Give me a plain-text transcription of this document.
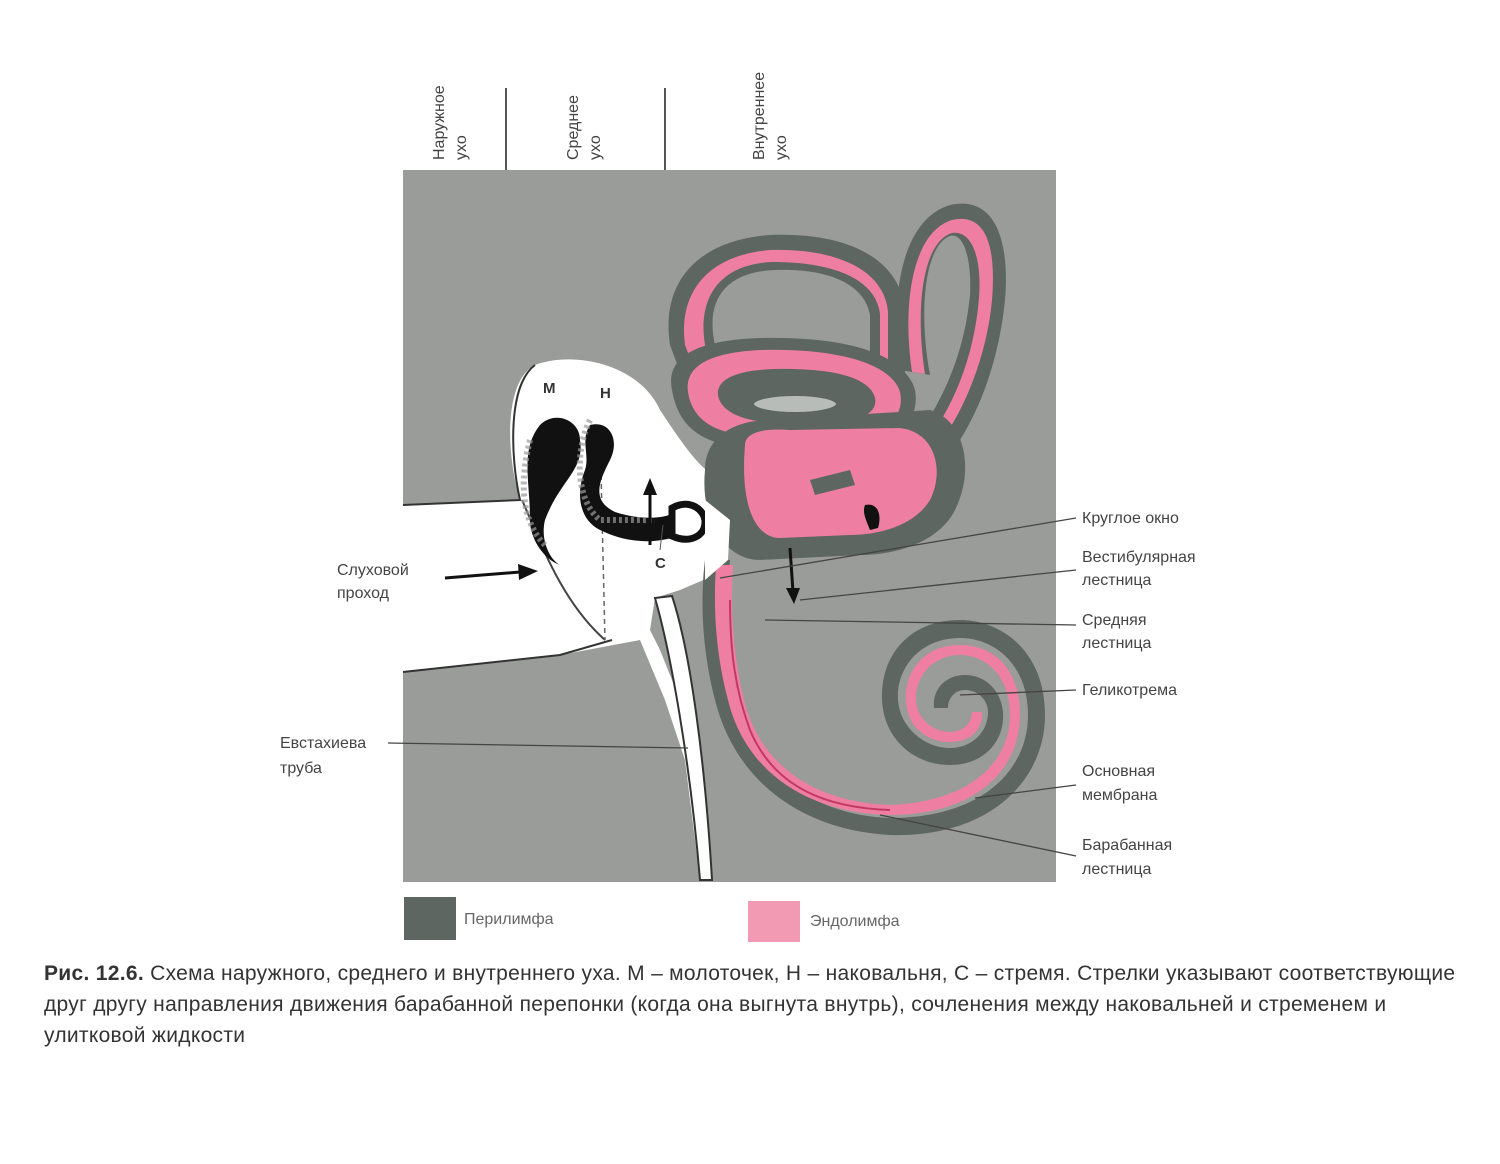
Наружное ухо	Среднее ухо	Внутреннее ухо
М	Н
С
Круглое окно
Вестибулярная
лестница
Средняя
лестница
Геликотрема
Основная
мембрана
Барабанная
лестница
Слуховой
проход
Евстахиева
труба
Перилимфа	Эндолимфа
Рис. 12.6. Схема наружного, среднего и внутреннего уха. М – молоточек, Н – наковальня, С – стремя. Стрелки указывают соответствующие друг другу направления движения барабанной перепонки (когда она выгнута внутрь), сочленения между наковальней и стременем и улитковой жидкости
